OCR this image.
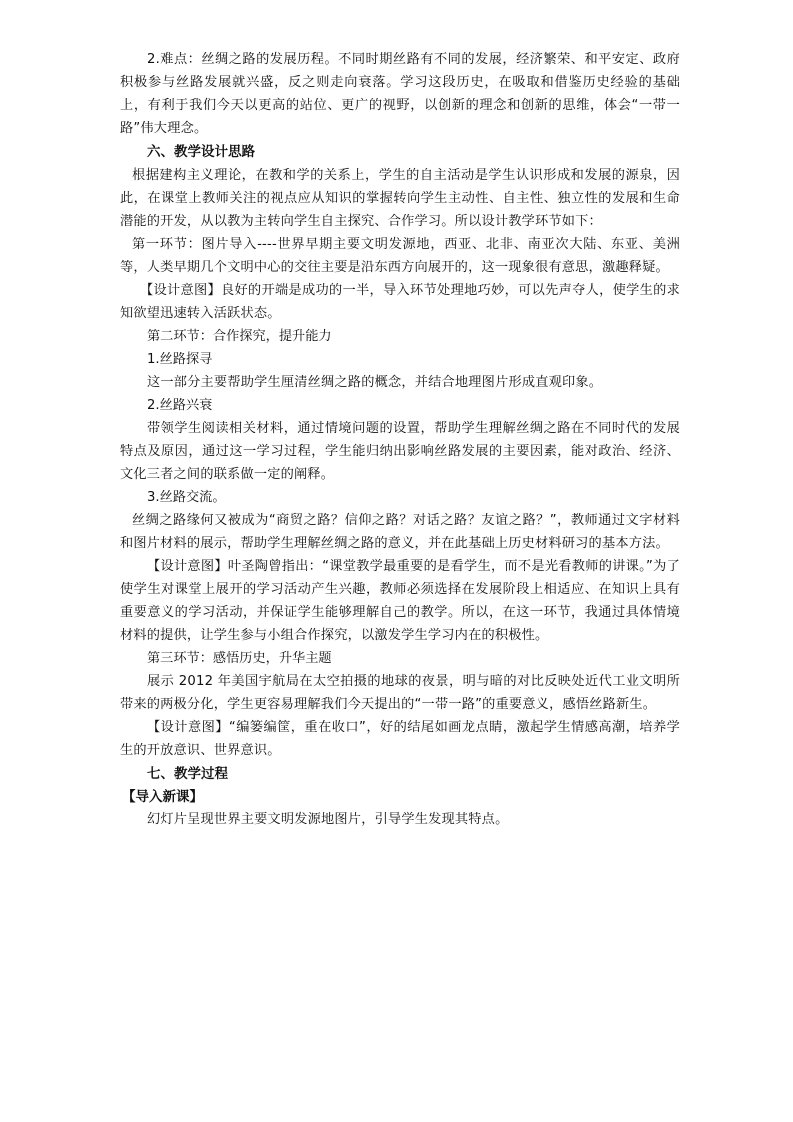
2.难点：丝绸之路的发展历程。不同时期丝路有不同的发展，经济繁荣、和平安定、政府积极参与丝路发展就兴盛，反之则走向衰落。学习这段历史，在吸取和借鉴历史经验的基础上，有利于我们今天以更高的站位、更广的视野，以创新的理念和创新的思维，体会“一带一路”伟大理念。

六、教学设计思路

根据建构主义理论，在教和学的关系上，学生的自主活动是学生认识形成和发展的源泉，因此，在课堂上教师关注的视点应从知识的掌握转向学生主动性、自主性、独立性的发展和生命潜能的开发，从以教为主转向学生自主探究、合作学习。所以设计教学环节如下：

第一环节：图片导入----世界早期主要文明发源地，西亚、北非、南亚次大陆、东亚、美洲等，人类早期几个文明中心的交往主要是沿东西方向展开的，这一现象很有意思，激趣释疑。

【设计意图】良好的开端是成功的一半，导入环节处理地巧妙，可以先声夺人，使学生的求知欲望迅速转入活跃状态。

第二环节：合作探究，提升能力

1.丝路探寻

这一部分主要帮助学生厘清丝绸之路的概念，并结合地理图片形成直观印象。

2.丝路兴衰

带领学生阅读相关材料，通过情境问题的设置，帮助学生理解丝绸之路在不同时代的发展特点及原因，通过这一学习过程，学生能归纳出影响丝路发展的主要因素，能对政治、经济、文化三者之间的联系做一定的阐释。

3.丝路交流。

丝绸之路缘何又被成为“商贸之路？信仰之路？对话之路？友谊之路？”，教师通过文字材料和图片材料的展示，帮助学生理解丝绸之路的意义，并在此基础上历史材料研习的基本方法。

【设计意图】叶圣陶曾指出：“课堂教学最重要的是看学生，而不是光看教师的讲课。”为了使学生对课堂上展开的学习活动产生兴趣，教师必须选择在发展阶段上相适应、在知识上具有重要意义的学习活动，并保证学生能够理解自己的教学。所以，在这一环节，我通过具体情境材料的提供，让学生参与小组合作探究，以激发学生学习内在的积极性。

第三环节：感悟历史，升华主题

展示 2012 年美国宇航局在太空拍摄的地球的夜景，明与暗的对比反映处近代工业文明所带来的两极分化，学生更容易理解我们今天提出的“一带一路”的重要意义，感悟丝路新生。

【设计意图】“编篓编筐，重在收口”，好的结尾如画龙点睛，激起学生情感高潮，培养学生的开放意识、世界意识。

七、教学过程

【导入新课】

幻灯片呈现世界主要文明发源地图片，引导学生发现其特点。
